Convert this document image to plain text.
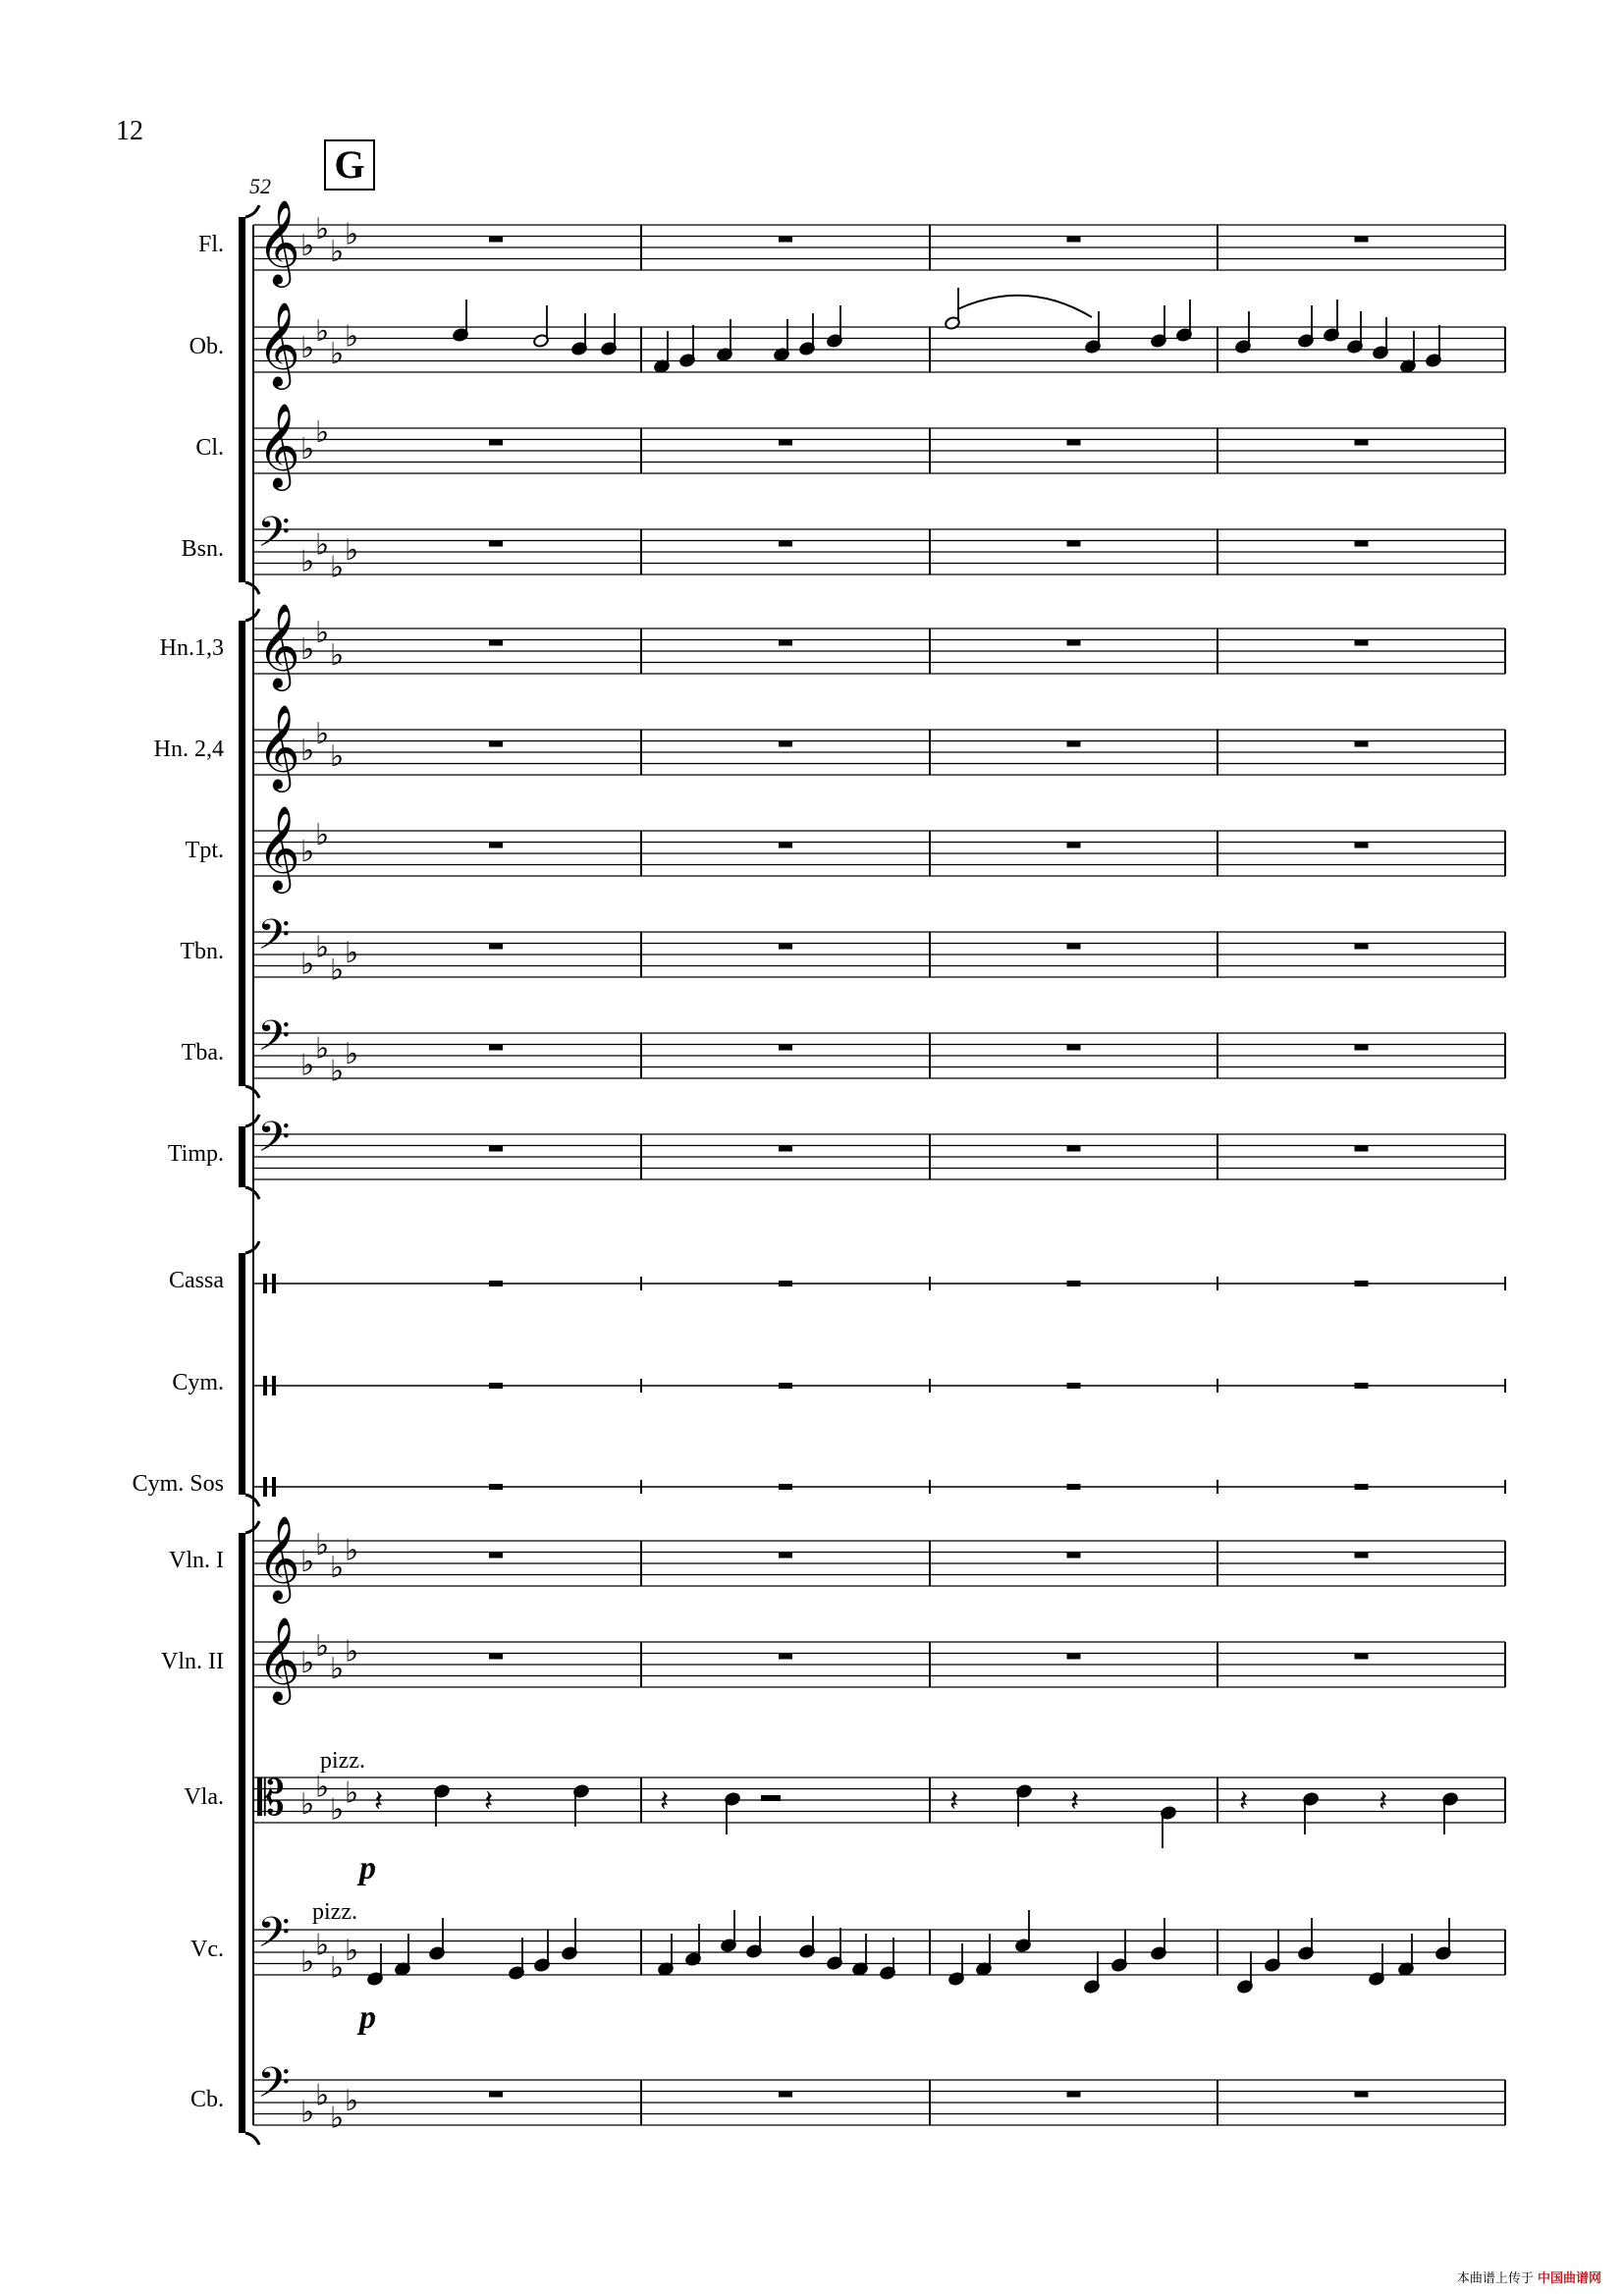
12
G
52
Fl.
Ob.
Cl.
Bsn.
Hn.1,3
Hn. 2,4
Tpt.
Tbn.
Tba.
Timp.
Cassa
Cym.
Cym. Sos
Vln. I
Vln. II
Vla.
Vc.
Cb.
pizz.
p
pizz.
p
𝄞 ♭ ♭
♭ ♭
𝄞 ♭ ♭
♭ ♭
𝄞 ♭ ♭
𝄢 ♭ ♭
♭ ♭
𝄞 ♭ ♭
♭
𝄞 ♭ ♭
♭
𝄞 ♭ ♭
𝄢 ♭ ♭
♭ ♭
𝄢 ♭ ♭
♭ ♭
𝄢
𝄞 ♭ ♭
♭ ♭
𝄞 ♭ ♭
♭ ♭
𝄡 ♭ ♭
♭ ♭
𝄢 ♭ ♭
♭ ♭
𝄢 ♭ ♭
♭ ♭
𝄽	𝄽	𝄽	𝄽	𝄽	𝄽	𝄽
本曲谱上传于 中国曲谱网
